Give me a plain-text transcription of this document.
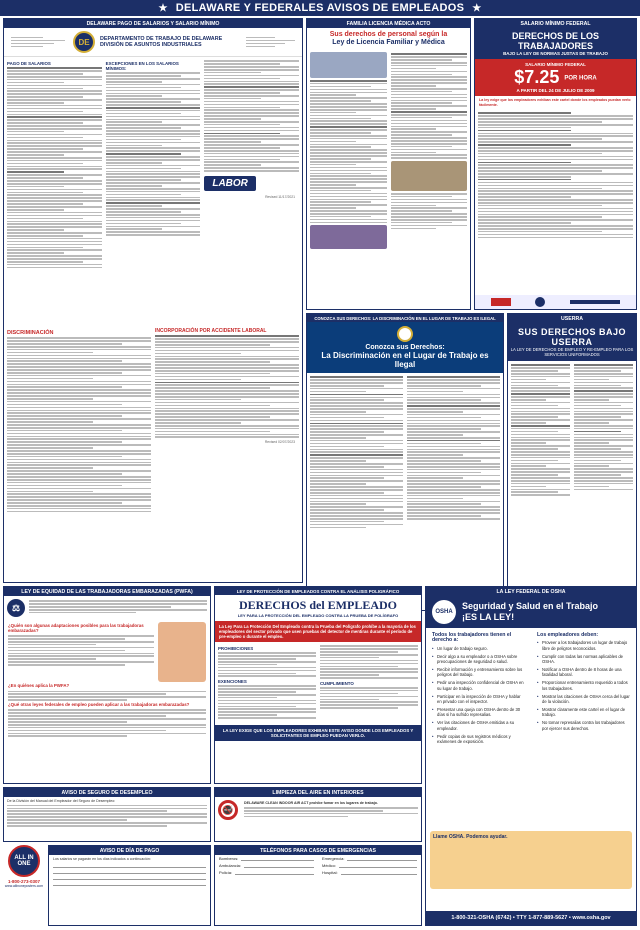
★ DELAWARE Y FEDERALES AVISOS DE EMPLEADOS ★
DELAWARE PAGO DE SALARIOS Y SALARIO MÍNIMO
DE	DEPARTAMENTO DE TRABAJO DE DELAWARE
DIVISIÓN DE ASUNTOS INDUSTRIALES
PAGO DE SALARIOS	EXCEPCIONES EN LOS SALARIOS MÍNIMOS:
LABOR
Revised 11/17/2021
DISCRIMINACIÓN	INCORPORACIÓN POR ACCIDENTE LABORAL
Revised 02/07/2023
FAMILIA LICENCIA MÉDICA ACTO
Sus derechos de personal según la
Ley de Licencia Familiar y Médica
SALARIO MÍNIMO FEDERAL
DERECHOS DE LOS TRABAJADORES
BAJO LA LEY DE NORMAS JUSTAS DE TRABAJO
SALARIO MÍNIMO FEDERAL
$7.25 POR HORA
A PARTIR DEL 24 DE JULIO DE 2009
La ley exige que los empleadores exhiban este cartel donde los empleados puedan verlo fácilmente.
CONOZCA SUS DERECHOS: LA DISCRIMINACIÓN EN EL LUGAR DE TRABAJO ES ILEGAL
Conozca sus Derechos:
La Discriminación en el Lugar de Trabajo es Ilegal
USERRA
SUS DERECHOS BAJO USERRA
LA LEY DE DERECHOS DE EMPLEO Y RE-EMPLEO PARA LOS SERVICIOS UNIFORMADOS
LEY DE EQUIDAD DE LAS TRABAJADORAS EMBARAZADAS (PWFA)
⚖
¿Quién son algunas adaptaciones posibles para las trabajadoras embarazadas?
¿En quiénes aplica la PWFA?
¿Qué otras leyes federales de empleo pueden aplicar a las trabajadoras embarazadas?
LEY DE PROTECCIÓN DE EMPLEADOS CONTRA EL ANÁLISIS POLIGRÁFICO
DERECHOS del EMPLEADO
LEY PARA LA PROTECCIÓN DEL EMPLEADO CONTRA LA PRUEBA DE POLÍGRAFO
La Ley Para La Protección Del Empleado contra la Prueba del Polígrafo prohíbe a la mayoría de los empleadores del sector privado que usen pruebas del detector de mentiras durante el período de pre-empleo o durante el empleo.
PROHIBICIONES
EXENCIONES	CUMPLIMIENTO
LA LEY EXIGE QUE LOS EMPLEADORES EXHIBAN ESTE AVISO DONDE LOS EMPLEADOS Y SOLICITANTES DE EMPLEO PUEDAN VERLO.
LA LEY FEDERAL DE OSHA
OSHA
Seguridad y Salud en el Trabajo
¡ES LA LEY!
Todos los trabajadores tienen el derecho a:
• Un lugar de trabajo seguro.
• Decir algo a su empleador o a OSHA sobre preocupaciones de seguridad o salud.
• Recibir información y entrenamiento sobre los peligros del trabajo.
• Pedir una inspección confidencial de OSHA en su lugar de trabajo.
• Participar en la inspección de OSHA y hablar en privado con el inspector.
• Presentar una queja con OSHA dentro de 30 días si ha sufrido represalias.
• Ver las citaciones de OSHA emitidas a su empleador.
• Pedir copias de sus registros médicos y exámenes de exposición.
Los empleadores deben:
• Proveer a los trabajadores un lugar de trabajo libre de peligros reconocidos.
• Cumplir con todas las normas aplicables de OSHA.
• Notificar a OSHA dentro de 8 horas de una fatalidad laboral.
• Proporcionar entrenamiento requerido a todos los trabajadores.
• Mostrar las citaciones de OSHA cerca del lugar de la violación.
• Mostrar claramente este cartel en el lugar de trabajo.
• No tomar represalias contra los trabajadores por ejercer sus derechos.
Llame OSHA. Podemos ayudar.
1-800-321-OSHA (6742) • TTY 1-877-889-5627 • www.osha.gov
AVISO DE SEGURO DE DESEMPLEO
De la División del Manual del Empleador del Seguro de Desempleo:
LIMPIEZA DEL AIRE EN INTERIORES
🚭
DELAWARE CLEAN INDOOR AIR ACT prohíbe fumar en los lugares de trabajo.
ALL IN ONE
1-800-273-0307
www.allinoneposters.com
AVISO DE DÍA DE PAGO
Los salarios se pagarán en los días indicados a continuación:
TELÉFONOS PARA CASOS DE EMERGENCIAS
Bomberos:
Ambulancia:
Policía:
Emergencia:
Médico:
Hospital:
